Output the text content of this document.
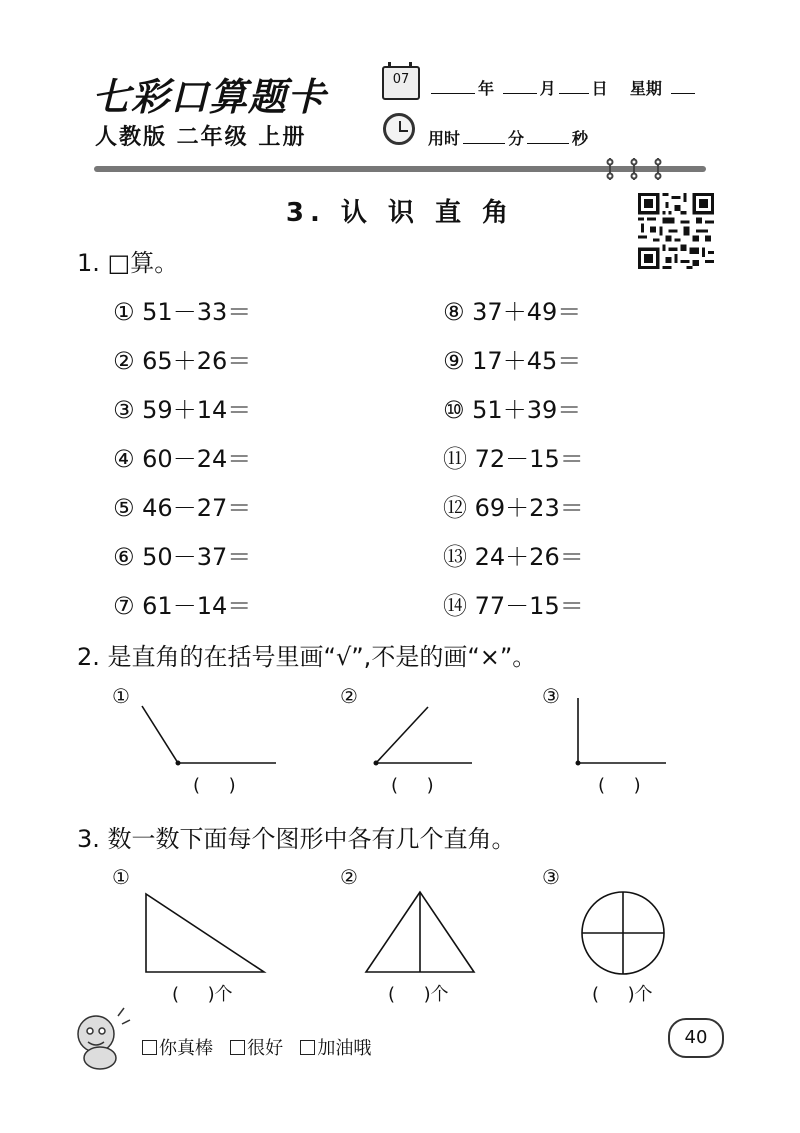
七彩口算题卡
人教版 二年级 上册
07	年	月 日 星期
用时	分	秒
3. 认 识 直 角
1. □算。
① 51－33＝
② 65＋26＝
③ 59＋14＝
④ 60－24＝
⑤ 46－27＝
⑥ 50－37＝
⑦ 61－14＝
⑧ 37＋49＝
⑨ 17＋45＝
⑩ 51＋39＝
⑪ 72－15＝
⑫ 69＋23＝
⑬ 24＋26＝
⑭ 77－15＝
2. 是直角的在括号里画“√”,不是的画“×”。
①	②	③
(     )	(     )	(     )
3. 数一数下面每个图形中各有几个直角。
①	②	③
(     )个	(     )个	(     )个
你真棒 很好 加油哦
40
